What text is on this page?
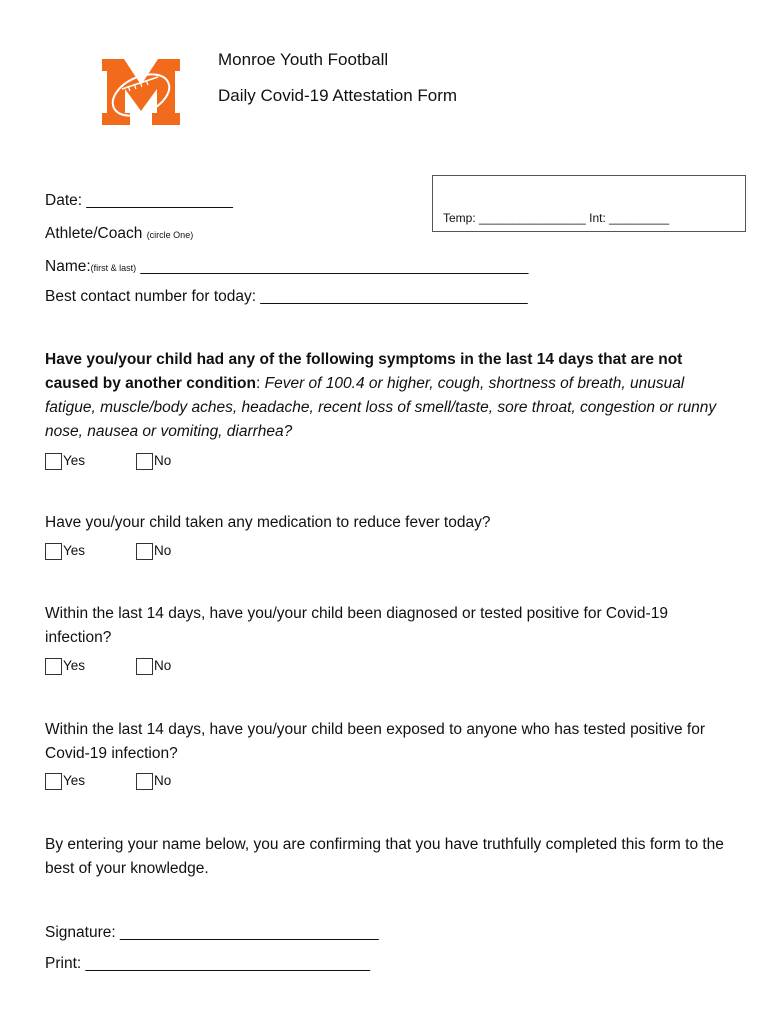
Monroe Youth Football
Daily Covid-19 Attestation Form
Temp: ________________ Int: _________
Date: _________________
Athlete/Coach (circle One)
Name:(first & last) _____________________________________________
Best contact number for today: _______________________________
Have you/your child had any of the following symptoms in the last 14 days that are not caused by another condition: Fever of 100.4 or higher, cough, shortness of breath, unusual fatigue, muscle/body aches, headache, recent loss of smell/taste, sore throat, congestion or runny nose, nausea or vomiting, diarrhea?
Yes	No
Have you/your child taken any medication to reduce fever today?
Yes	No
Within the last 14 days, have you/your child been diagnosed or tested positive for Covid-19 infection?
Yes	No
Within the last 14 days, have you/your child been exposed to anyone who has tested positive for Covid-19 infection?
Yes	No
By entering your name below, you are confirming that you have truthfully completed this form to the best of your knowledge.
Signature: ______________________________
Print: _________________________________
